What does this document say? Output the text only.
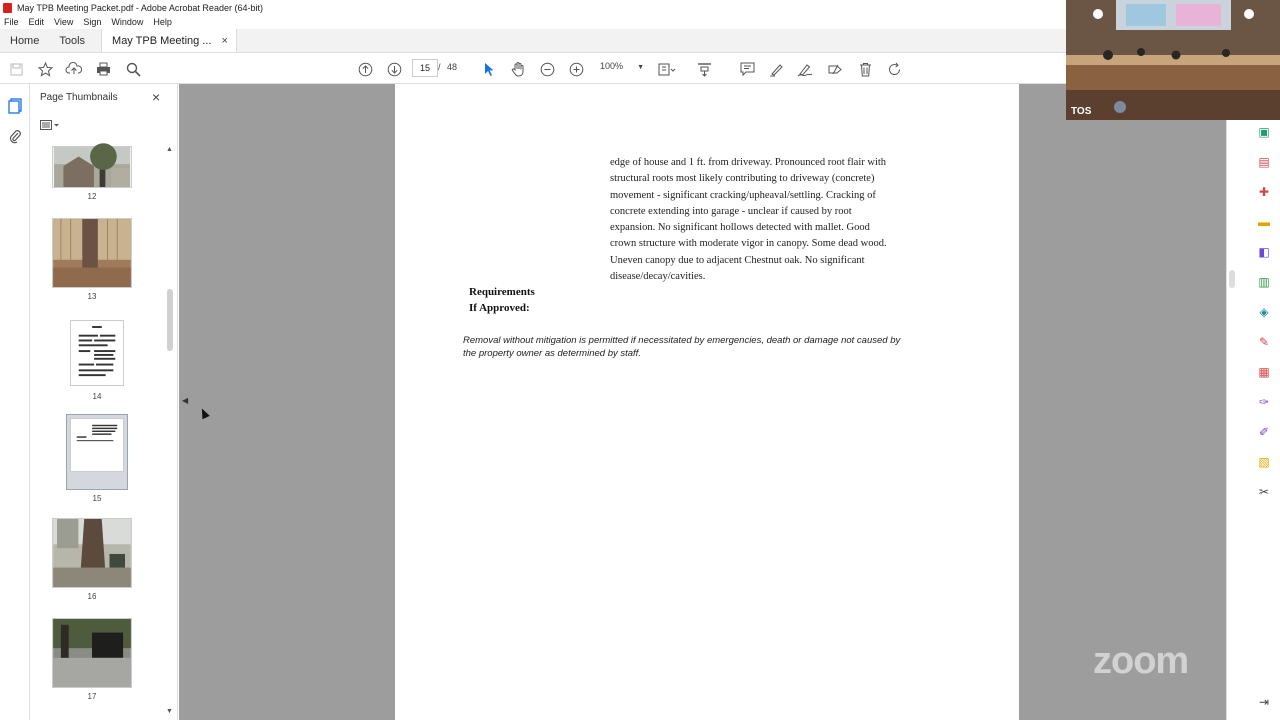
May TPB Meeting Packet.pdf - Adobe Acrobat Reader (64-bit)
File Edit View Sign Window Help
Home	Tools	May TPB Meeting ... ×
15 / 48	100% ▼
Page Thumbnails ×
12
13
14
15
16
17
▲
▼
◀
edge of house and 1 ft. from driveway. Pronounced root flair with
structural roots most likely contributing to driveway (concrete)
movement - significant cracking/upheaval/settling. Cracking of
concrete extending into garage - unclear if caused by root
expansion. No significant hollows detected with mallet. Good
crown structure with moderate vigor in canopy. Some dead wood.
Uneven canopy due to adjacent Chestnut oak. No significant
disease/decay/cavities.
Requirements
If Approved:
Removal without mitigation is permitted if necessitated by emergencies, death or damage not caused by
the property owner as determined by staff.
▣
▤
✚
▬
◧
▥
◈
✎
▦
✑
✐
▧
✂
⇥
TOS
zoom
